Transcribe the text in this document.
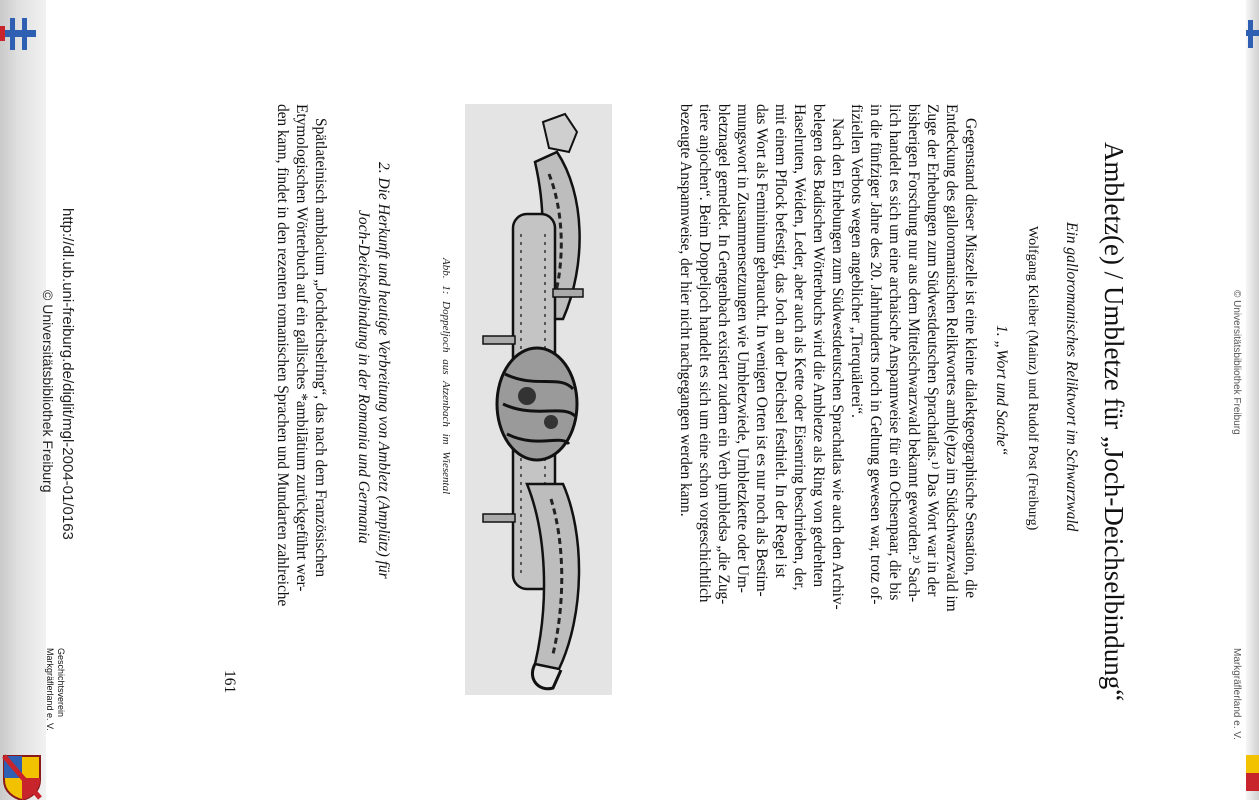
Ambletz(e) / Umbletze für „Joch-Deichselbindung“
Ein galloromanisches Reliktwort im Schwarzwald
Wolfgang Kleiber (Mainz) und Rudolf Post (Freiburg)
1. „Wort und Sache“
Gegenstand dieser Miszelle ist eine kleine dialektgeographische Sensation, die
Entdeckung des galloromanischen Reliktwortes ambl(e)tzə im Südschwarzwald im
Zuge der Erhebungen zum Südwestdeutschen Sprachatlas.¹⁾ Das Wort war in der
bisherigen Forschung nur aus dem Mittelschwarzwald bekannt geworden.²⁾ Sach-
lich handelt es sich um eine archaische Anspannweise für ein Ochsenpaar, die bis
in die fünfziger Jahre des 20. Jahrhunderts noch in Geltung gewesen war, trotz of-
fiziellen Verbots wegen angeblicher „Tierquälerei“.
Nach den Erhebungen zum Südwestdeutschen Sprachatlas wie auch den Archiv-
belegen des Badischen Wörterbuchs wird die Ambletze als Ring von gedrehten
Haselruten, Weiden, Leder, aber auch als Kette oder Eisenring beschrieben, der,
mit einem Pflock befestigt, das Joch an der Deichsel festhielt. In der Regel ist
das Wort als Femininum gebraucht. In wenigen Orten ist es nur noch als Bestim-
mungswort in Zusammensetzungen wie Umbletzwiede, Umbletzkette oder Um-
bletznagel gemeldet. In Gengenbach existiert zudem ein Verb ṷmbledsə „die Zug-
tiere anjochen“. Beim Doppeljoch handelt es sich um eine schon vorgeschichtlich
bezeugte Anspannweise, der hier nicht nachgegangen werden kann.
Abb. 1: Doppeljoch aus Atzenbach im Wiesental
2. Die Herkunft und heutige Verbreitung von Ambletz (Amplütz) für
Joch-Deichselbindung in der Romania und Germania
Spätlateinisch amblacium „Jochdeichselring“, das nach dem Französischen
Etymologischen Wörterbuch auf ein gallisches *ambilātium zurückgeführt wer-
den kann, findet in den rezenten romanischen Sprachen und Mundarten zahlreiche
161
http://dl.ub.uni-freiburg.de/diglit/mgl-2004-01/0163
© Universitätsbibliothek Freiburg
Geschichtsverein
Markgräflerland e. V.
© Universitätsbibliothek Freiburg
Markgräflerland e. V.
